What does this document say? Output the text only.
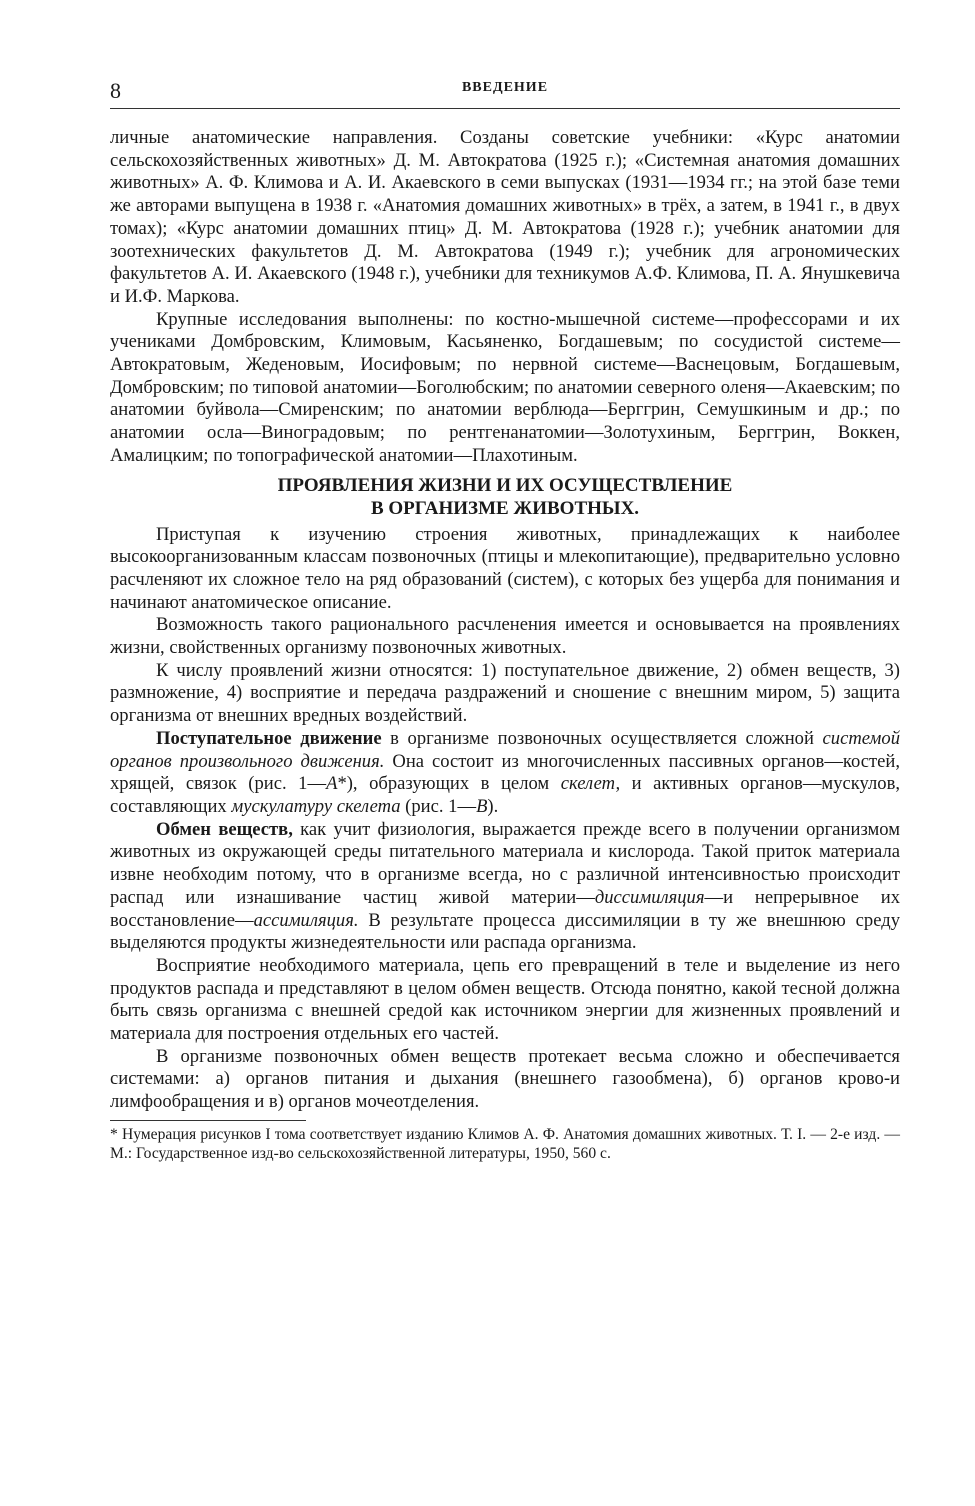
8	ВВЕДЕНИЕ

личные анатомические направления. Созданы советские учебники: «Курс анатомии сельскохозяйственных животных» Д. М. Автократова (1925 г.); «Системная анатомия домашних животных» А. Ф. Климова и А. И. Акаевского в семи выпусках (1931—1934 гг.; на этой базе теми же авторами выпущена в 1938 г. «Анатомия домашних животных» в трёх, а затем, в 1941 г., в двух томах); «Курс анатомии домашних птиц» Д. М. Автократова (1928 г.); учебник анатомии для зоотехнических факультетов Д. М. Автократова (1949 г.); учебник для агрономических факультетов А. И. Акаевского (1948 г.), учебники для техникумов А.Ф. Климова, П. А. Янушкевича и И.Ф. Маркова.

Крупные исследования выполнены: по костно-мышечной системе—профессорами и их учениками Домбровским, Климовым, Касьяненко, Богдашевым; по сосудистой системе—Автократовым, Жеденовым, Иосифовым; по нервной системе—Васнецовым, Богдашевым, Домбровским; по типовой анатомии—Боголюбским; по анатомии северного оленя—Акаевским; по анатомии буйвола—Смиренским; по анатомии верблюда—Берггрин, Семушкиным и др.; по анатомии осла—Виноградовым; по рентгенанатомии—Золотухиным, Берггрин, Воккен, Амалицким; по топографической анатомии—Плахотиным.

ПРОЯВЛЕНИЯ ЖИЗНИ И ИХ ОСУЩЕСТВЛЕНИЕ
В ОРГАНИЗМЕ ЖИВОТНЫХ.

Приступая к изучению строения животных, принадлежащих к наиболее высокоорганизованным классам позвоночных (птицы и млекопитающие), предварительно условно расчленяют их сложное тело на ряд образований (систем), с которых без ущерба для понимания и начинают анатомическое описание.

Возможность такого рационального расчленения имеется и основывается на проявлениях жизни, свойственных организму позвоночных животных.

К числу проявлений жизни относятся: 1) поступательное движение, 2) обмен веществ, 3) размножение, 4) восприятие и передача раздражений и сношение с внешним миром, 5) защита организма от внешних вредных воздействий.

Поступательное движение в организме позвоночных осуществляется сложной системой органов произвольного движения. Она состоит из многочисленных пассивных органов—костей, хрящей, связок (рис. 1—А*), образующих в целом скелет, и активных органов—мускулов, составляющих мускулатуру скелета (рис. 1—В).

Обмен веществ, как учит физиология, выражается прежде всего в получении организмом животных из окружающей среды питательного материала и кислорода. Такой приток материала извне необходим потому, что в организме всегда, но с различной интенсивностью происходит распад или изнашивание частиц живой материи—диссимиляция—и непрерывное их восстановление—ассимиляция. В результате процесса диссимиляции в ту же внешнюю среду выделяются продукты жизнедеятельности или распада организма.

Восприятие необходимого материала, цепь его превращений в теле и выделение из него продуктов распада и представляют в целом обмен веществ. Отсюда понятно, какой тесной должна быть связь организма с внешней средой как источником энергии для жизненных проявлений и материала для построения отдельных его частей.

В организме позвоночных обмен веществ протекает весьма сложно и обеспечивается системами: а) органов питания и дыхания (внешнего газообмена), б) органов крово-и лимфообращения и в) органов мочеотделения.

* Нумерация рисунков I тома соответствует изданию Климов А. Ф. Анатомия домашних животных. Т. I. — 2-е изд. — М.: Государственное изд-во сельскохозяйственной литературы, 1950, 560 с.
